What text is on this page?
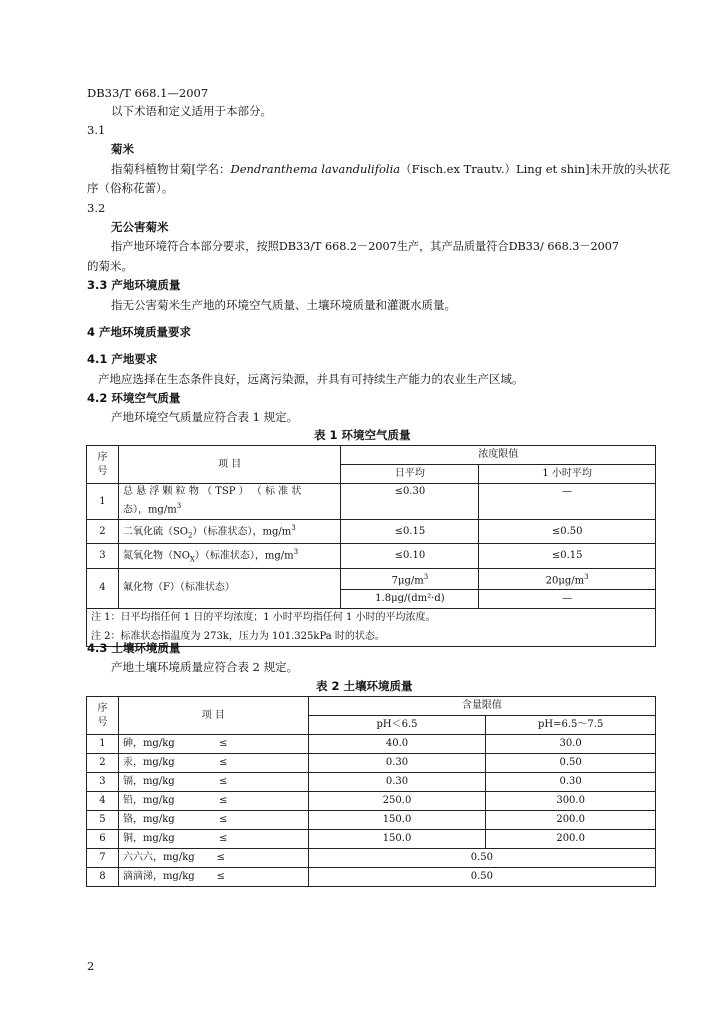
DB33/T 668.1—2007
以下术语和定义适用于本部分。
3.1
菊米
指菊科植物甘菊[学名：Dendranthema lavandulifolia（Fisch.ex Trautv.）Ling et shin]未开放的头状花
序（俗称花蕾）。
3.2
无公害菊米
指产地环境符合本部分要求，按照DB33/T 668.2－2007生产，其产品质量符合DB33/ 668.3－2007
的菊米。
3.3 产地环境质量
指无公害菊米生产地的环境空气质量、土壤环境质量和灌溉水质量。
4 产地环境质量要求
4.1 产地要求
产地应选择在生态条件良好，远离污染源，并具有可持续生产能力的农业生产区域。
4.2 环境空气质量
产地环境空气质量应符合表 1 规定。
表 1 环境空气质量
序
号	项 目	浓度限值	
		日平均	1 小时平均
1	总 悬 浮 颗 粒 物 （ TSP ） （ 标 准 状
态），$mg/m^3$	≤0.30	—
2	二氧化硫$(SO_2)$（标准状态），$mg/m^3$	≤0.15	≤0.50
3	氮氧化物$(NO_X)$（标准状态），$mg/m^3$	≤0.10	≤0.15
4	氟化物（F）（标准状态）	$7\mu g/m^3$	$20\mu g/m^3$
		1.8μg/(dm²·d)	—
注 1：日平均指任何 1 日的平均浓度；1 小时平均指任何 1 小时的平均浓度。			
注 2：标准状态指温度为 273k，压力为 101.325kPa 时的状态。			
4.3 土壤环境质量
产地土壤环境质量应符合表 2 规定。
表 2 土壤环境质量
序
号	项 目	含量限值	
		pH＜6.5	pH=6.5～7.5
1	砷，mg/kg ≤	40.0	30.0
2	汞，mg/kg ≤	0.30	0.50
3	镉，mg/kg ≤	0.30	0.30
4	铅，mg/kg ≤	250.0	300.0
5	铬，mg/kg ≤	150.0	200.0
6	铜，mg/kg ≤	150.0	200.0
7	六六六，mg/kg ≤	0.50	
8	滴滴涕，mg/kg ≤	0.50	
2
